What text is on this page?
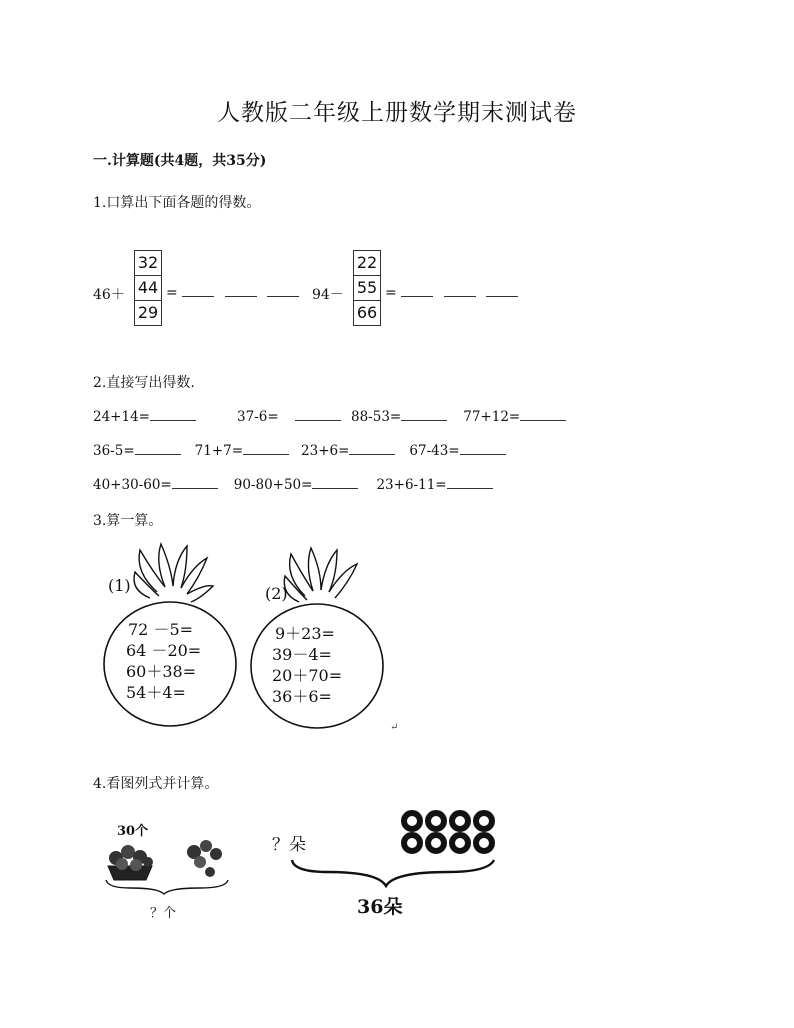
人教版二年级上册数学期末测试卷
一.计算题(共4题，共35分)
1.口算出下面各题的得数。
46＋
32
44
29
=	94－
22
55
66
=
2.直接写出得数.
24+14=	37-6=	88-53=	77+12=
36-5=	71+7=	23+6=	67-43=
40+30-60=	90-80+50=	23+6-11=
3.算一算。
(1)	(2)
72 －5=
64 －20=
60＋38=
54＋4=
9＋23=
39－4=
20＋70=
36＋6=
↵
4.看图列式并计算。
30个
？个
？朵
36朵
